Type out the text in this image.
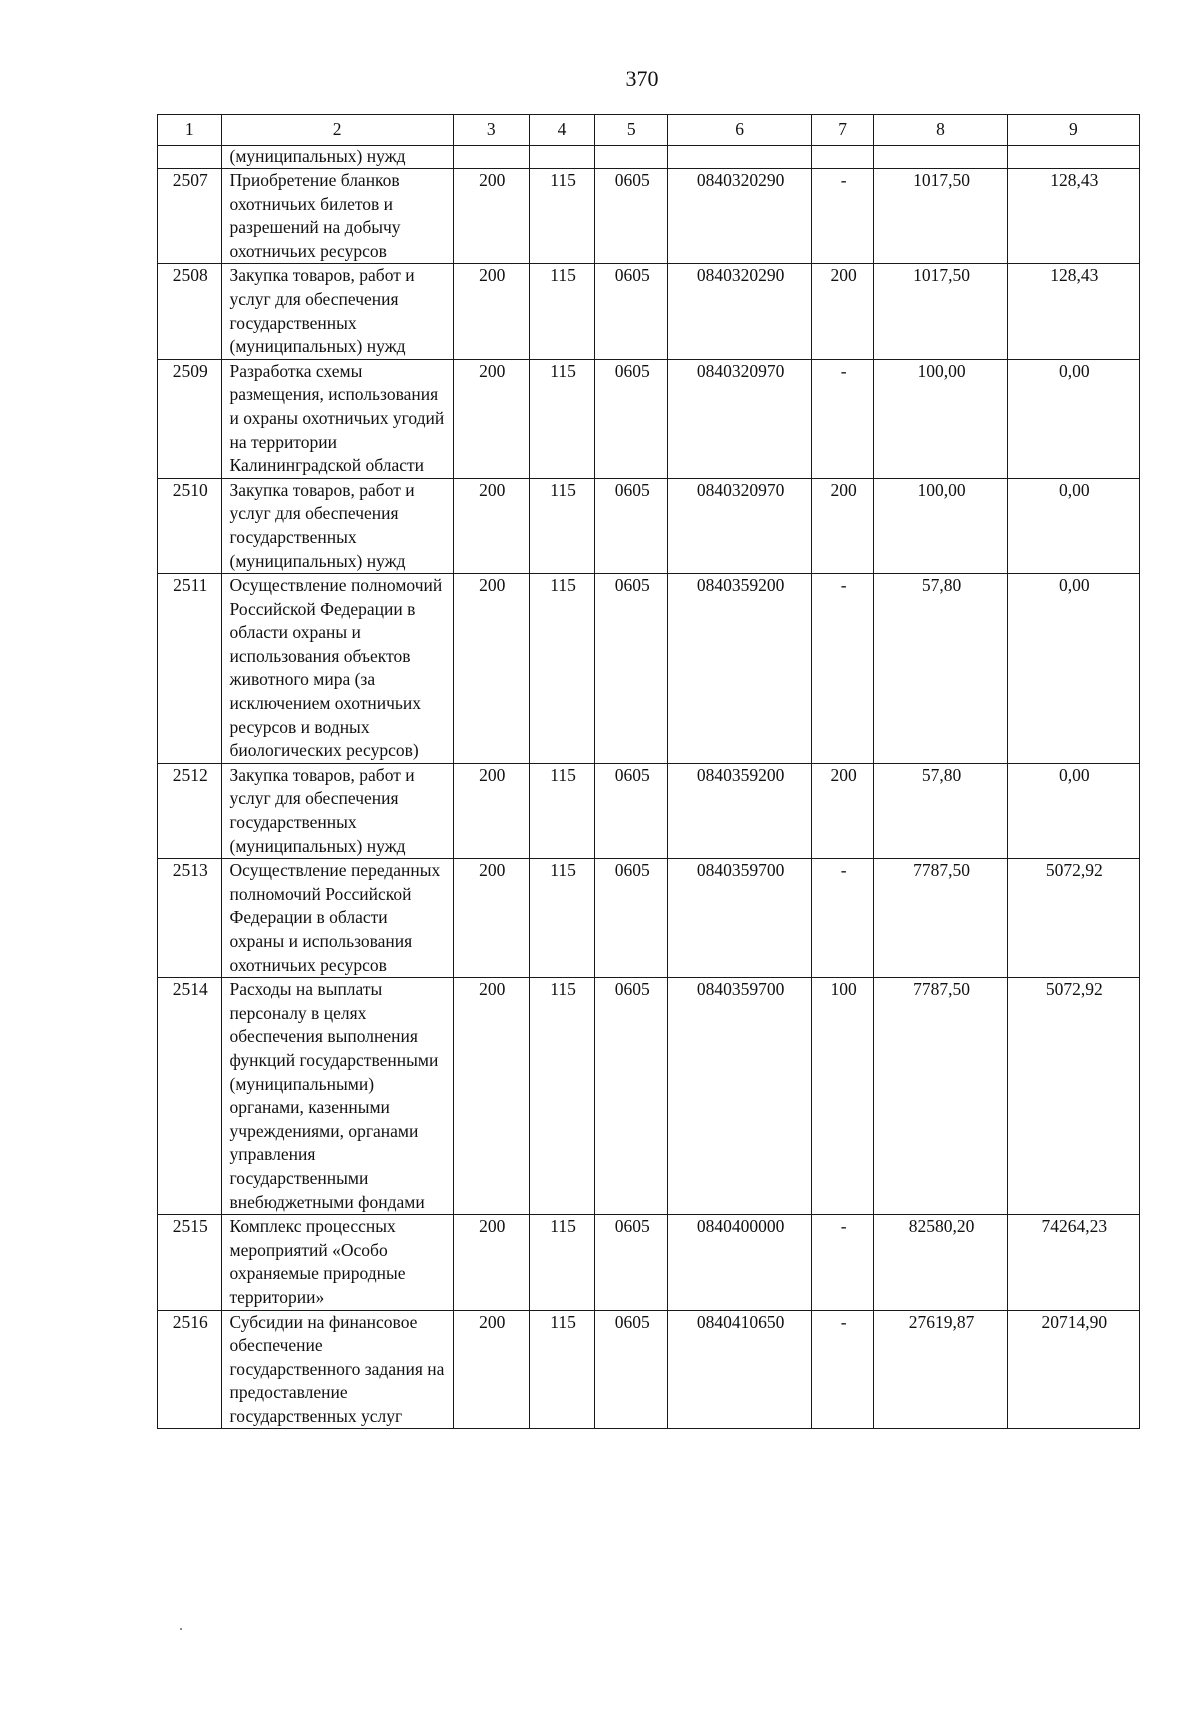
370
1	2	3	4	5	6	7	8	9
	(муниципальных) нужд							
2507	Приобретение бланков охотничьих билетов и разрешений на добычу охотничьих ресурсов	200	115	0605	0840320290	-	1017,50	128,43
2508	Закупка товаров, работ и услуг для обеспечения государственных (муниципальных) нужд	200	115	0605	0840320290	200	1017,50	128,43
2509	Разработка схемы размещения, использования и охраны охотничьих угодий на территории Калининградской области	200	115	0605	0840320970	-	100,00	0,00
2510	Закупка товаров, работ и услуг для обеспечения государственных (муниципальных) нужд	200	115	0605	0840320970	200	100,00	0,00
2511	Осуществление полномочий Российской Федерации в области охраны и использования объектов животного мира (за исключением охотничьих ресурсов и водных биологических ресурсов)	200	115	0605	0840359200	-	57,80	0,00
2512	Закупка товаров, работ и услуг для обеспечения государственных (муниципальных) нужд	200	115	0605	0840359200	200	57,80	0,00
2513	Осуществление переданных полномочий Российской Федерации в области охраны и использования охотничьих ресурсов	200	115	0605	0840359700	-	7787,50	5072,92
2514	Расходы на выплаты персоналу в целях обеспечения выполнения функций государственными (муниципальными) органами, казенными учреждениями, органами управления государственными внебюджетными фондами	200	115	0605	0840359700	100	7787,50	5072,92
2515	Комплекс процессных мероприятий «Особо охраняемые природные территории»	200	115	0605	0840400000	-	82580,20	74264,23
2516	Субсидии на финансовое обеспечение государственного задания на предоставление государственных услуг	200	115	0605	0840410650	-	27619,87	20714,90
